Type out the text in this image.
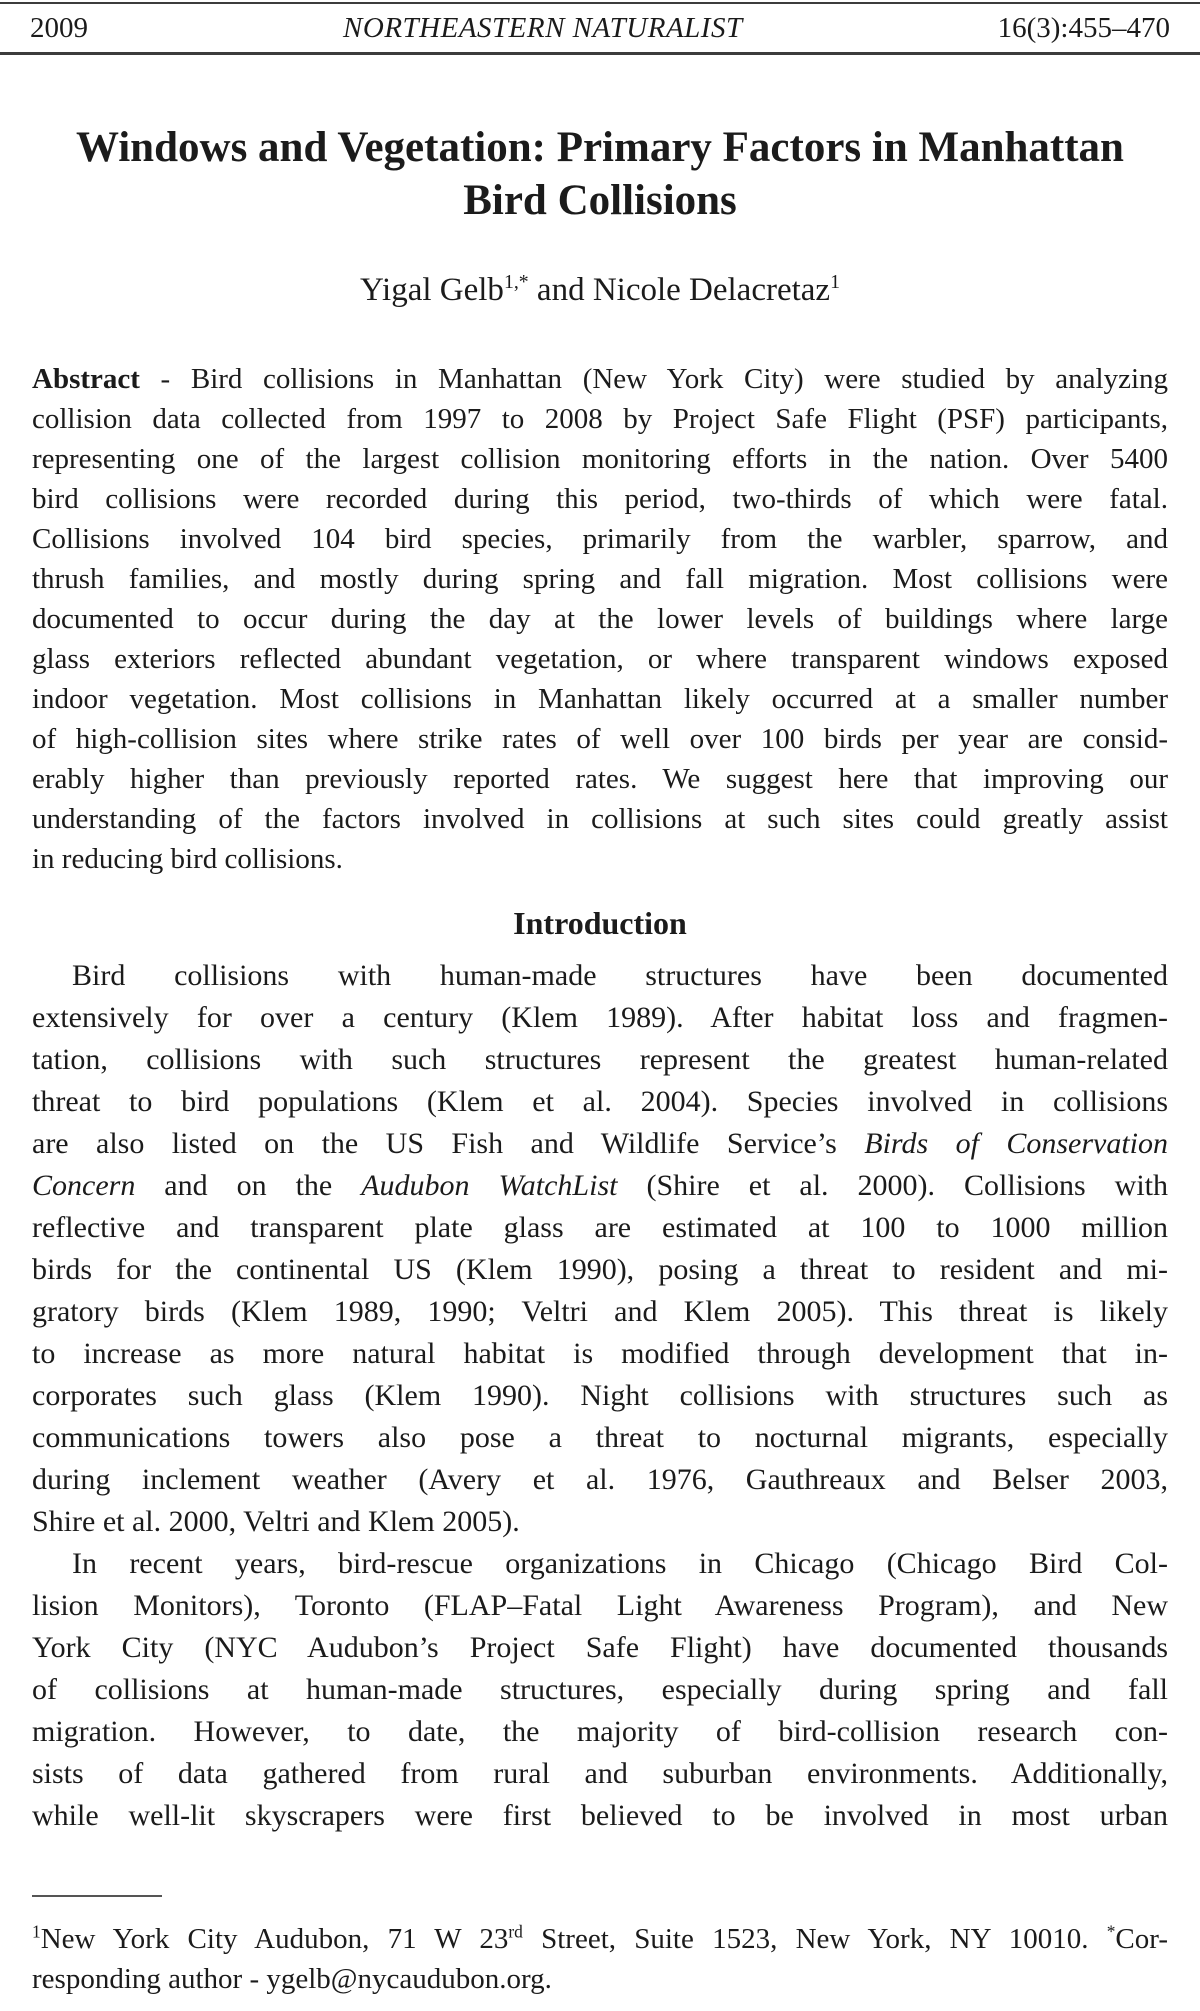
2009	NORTHEASTERN NATURALIST	16(3):455–470
Windows and Vegetation: Primary Factors in Manhattan
Bird Collisions
Yigal Gelb$^{1,*}$ and Nicole Delacretaz$^1$
Abstract - Bird collisions in Manhattan (New York City) were studied by analyzing
collision data collected from 1997 to 2008 by Project Safe Flight (PSF) participants,
representing one of the largest collision monitoring efforts in the nation. Over 5400
bird collisions were recorded during this period, two-thirds of which were fatal.
Collisions involved 104 bird species, primarily from the warbler, sparrow, and
thrush families, and mostly during spring and fall migration. Most collisions were
documented to occur during the day at the lower levels of buildings where large
glass exteriors reflected abundant vegetation, or where transparent windows exposed
indoor vegetation. Most collisions in Manhattan likely occurred at a smaller number
of high-collision sites where strike rates of well over 100 birds per year are consid-
erably higher than previously reported rates. We suggest here that improving our
understanding of the factors involved in collisions at such sites could greatly assist
in reducing bird collisions.
Introduction
Bird collisions with human-made structures have been documented
extensively for over a century (Klem 1989). After habitat loss and fragmen-
tation, collisions with such structures represent the greatest human-related
threat to bird populations (Klem et al. 2004). Species involved in collisions
are also listed on the US Fish and Wildlife Service’s Birds of Conservation
Concern and on the Audubon WatchList (Shire et al. 2000). Collisions with
reflective and transparent plate glass are estimated at 100 to 1000 million
birds for the continental US (Klem 1990), posing a threat to resident and mi-
gratory birds (Klem 1989, 1990; Veltri and Klem 2005). This threat is likely
to increase as more natural habitat is modified through development that in-
corporates such glass (Klem 1990). Night collisions with structures such as
communications towers also pose a threat to nocturnal migrants, especially
during inclement weather (Avery et al. 1976, Gauthreaux and Belser 2003,
Shire et al. 2000, Veltri and Klem 2005).
In recent years, bird-rescue organizations in Chicago (Chicago Bird Col-
lision Monitors), Toronto (FLAP–Fatal Light Awareness Program), and New
York City (NYC Audubon’s Project Safe Flight) have documented thousands
of collisions at human-made structures, especially during spring and fall
migration. However, to date, the majority of bird-collision research con-
sists of data gathered from rural and suburban environments. Additionally,
while well-lit skyscrapers were first believed to be involved in most urban
$^1$New York City Audubon, 71 W 23rd Street, Suite 1523, New York, NY 10010. *Cor-
responding author - ygelb@nycaudubon.org.
